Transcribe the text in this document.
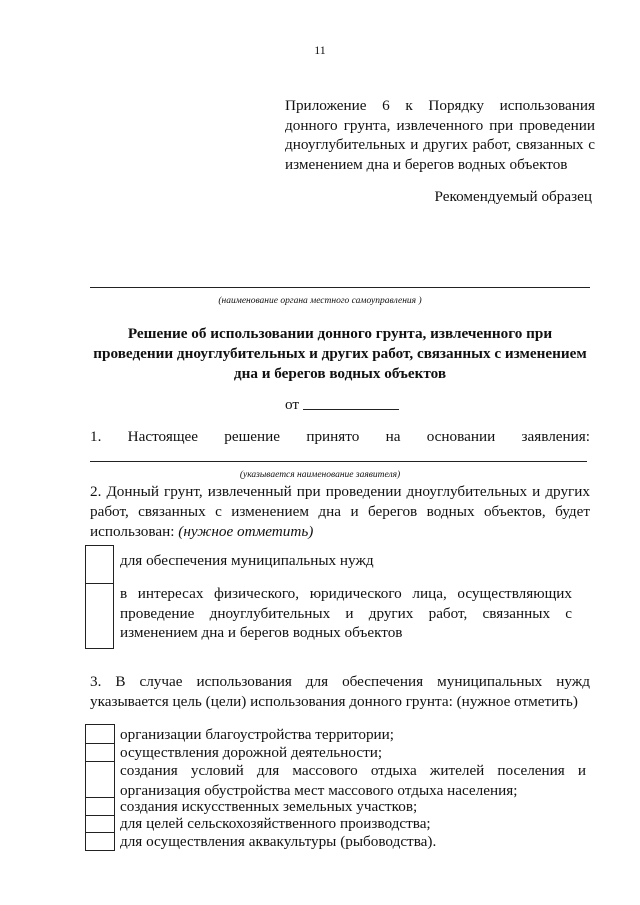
11
Приложение 6 к Порядку использования
донного грунта, извлеченного при проведении
дноуглубительных и других работ, связанных с
изменением дна и берегов водных объектов
Рекомендуемый образец
(наименование органа местного самоуправления )
Решение об использовании донного грунта, извлеченного при
проведении дноуглубительных и других работ, связанных с изменением
дна и берегов водных объектов
от
1. Настоящее решение принято на основании заявления:
(указывается наименование заявителя)
2. Донный грунт, извлеченный при проведении дноуглубительных и других
работ, связанных с изменением дна и берегов водных объектов, будет
использован: (нужное отметить)
для обеспечения муниципальных нужд
в интересах физического, юридического лица, осуществляющих
проведение дноуглубительных и других работ, связанных с
изменением дна и берегов водных объектов
3. В случае использования для обеспечения муниципальных нужд
указывается цель (цели) использования донного грунта: (нужное отметить)
организации благоустройства территории;
осуществления дорожной деятельности;
создания условий для массового отдыха жителей поселения и
организация обустройства мест массового отдыха населения;
создания искусственных земельных участков;
для целей сельскохозяйственного производства;
для осуществления аквакультуры (рыбоводства).
